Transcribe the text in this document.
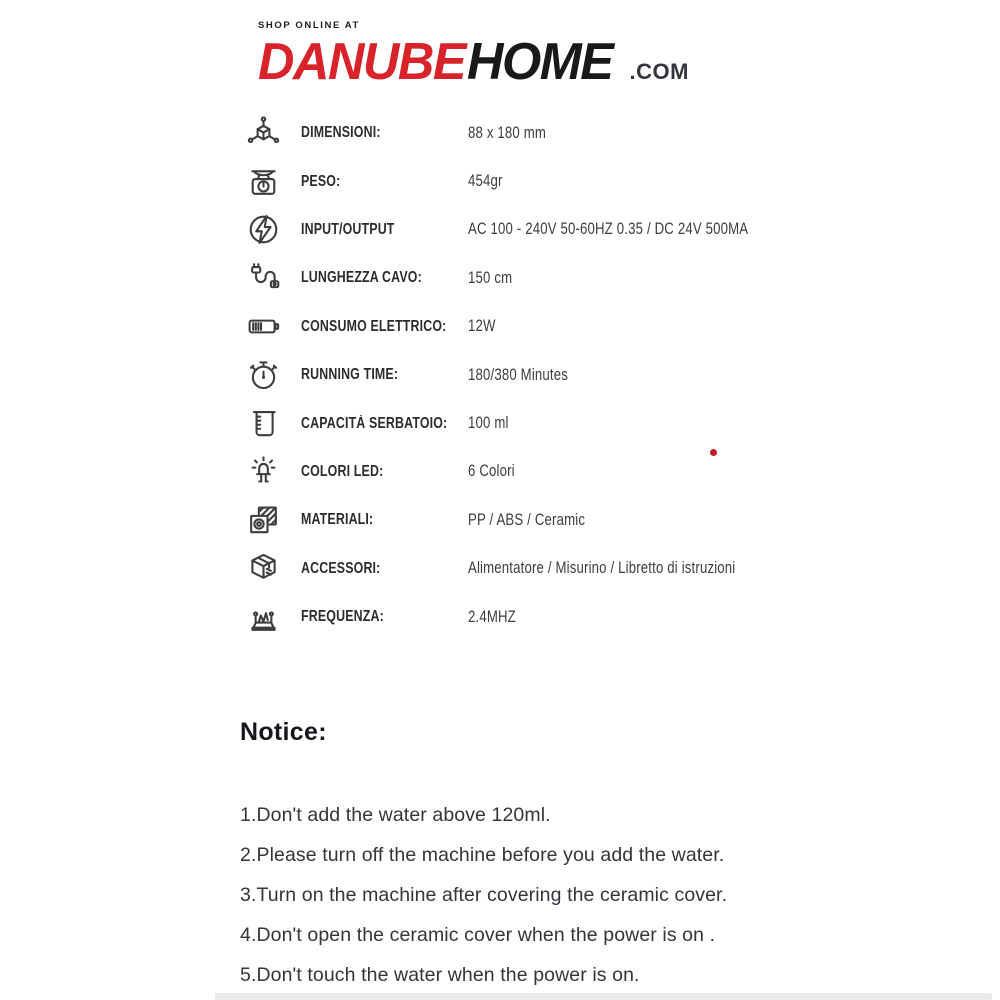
SHOP ONLINE AT
DANUBEHOME .COM
DIMENSIONI:	88 x 180 mm
PESO:	454gr
INPUT/OUTPUT	AC 100 - 240V 50-60HZ 0.35 / DC 24V 500MA
LUNGHEZZA CAVO:	150 cm
CONSUMO ELETTRICO:	12W
RUNNING TIME:	180/380 Minutes
CAPACITÀ SERBATOIO:	100 ml
COLORI LED:	6 Colori
MATERIALI:	PP / ABS / Ceramic
ACCESSORI:	Alimentatore / Misurino / Libretto di istruzioni
FREQUENZA:	2.4MHZ
Notice:
1.Don't add the water above 120ml.
2.Please turn off the machine before you add the water.
3.Turn on the machine after covering the ceramic cover.
4.Don't open the ceramic cover when the power is on .
5.Don't touch the water when the power is on.
